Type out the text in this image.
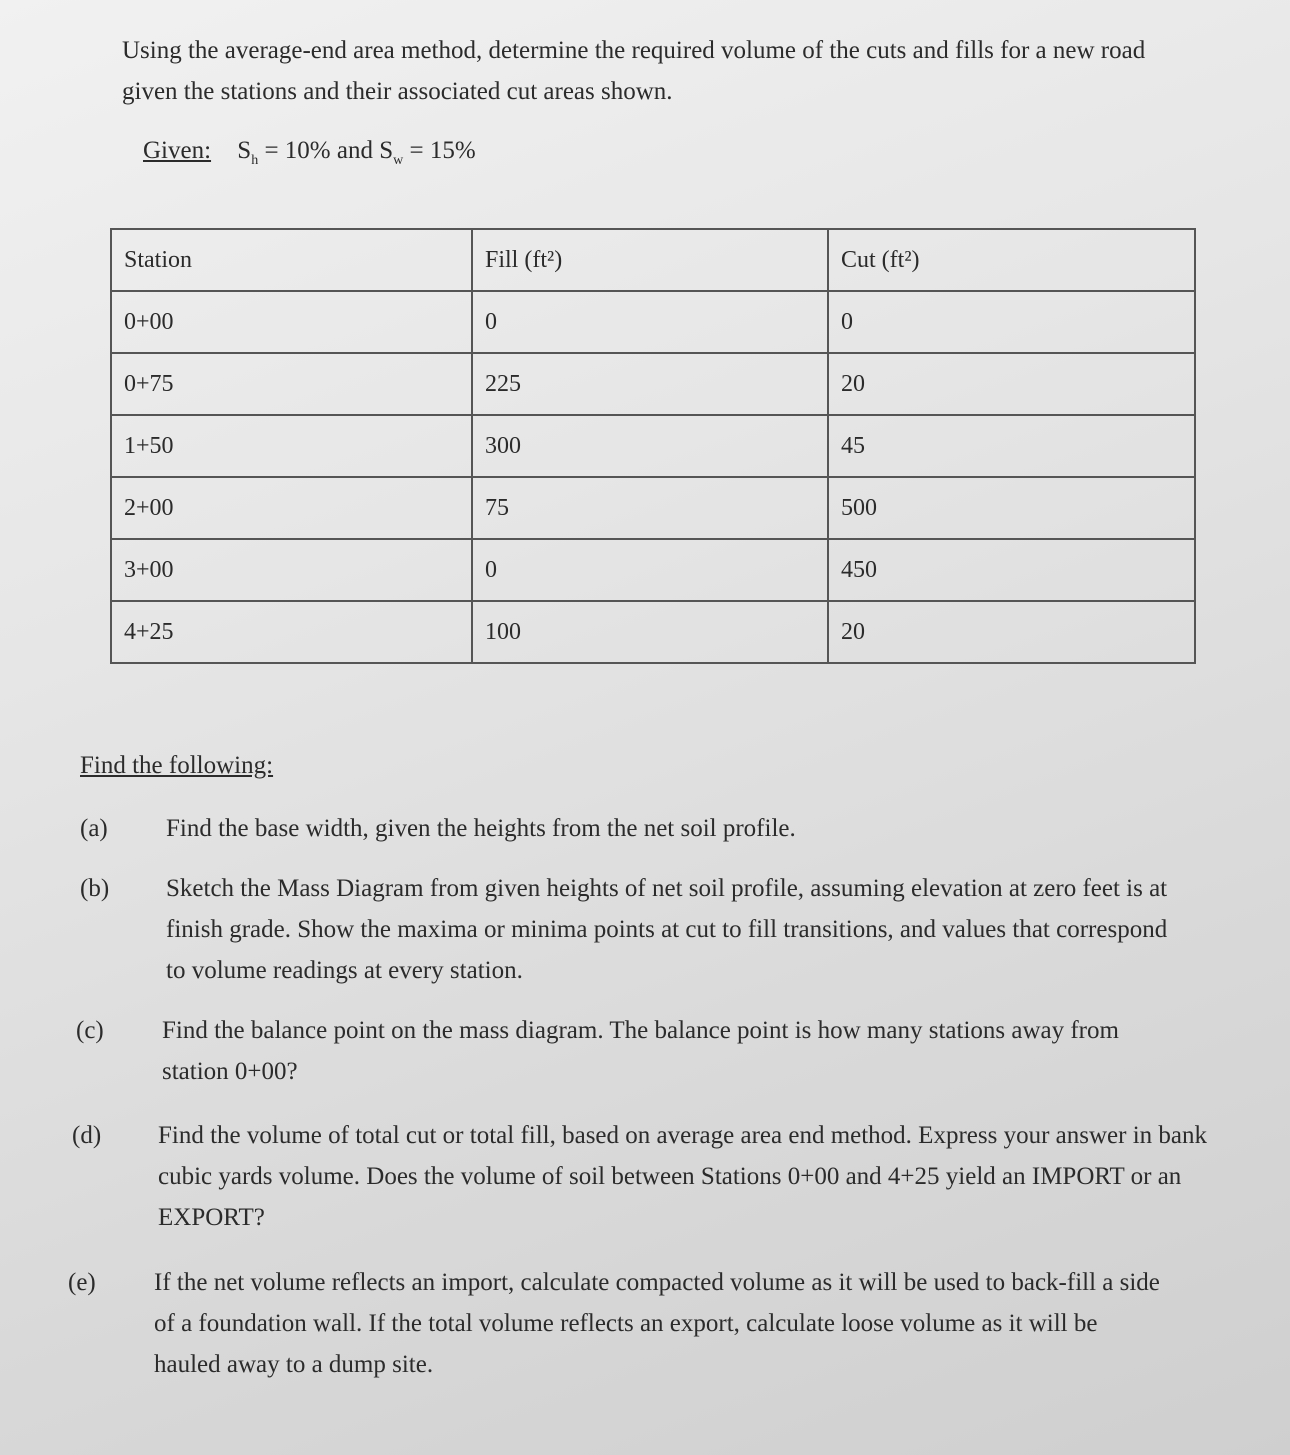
Using the average-end area method, determine the required volume of the cuts and fills for a new road given the stations and their associated cut areas shown.
Given: $S_h = 10\%$ and $S_w = 15\%$
Station	Fill (ft²)	Cut (ft²)
0+00	0	0
0+75	225	20
1+50	300	45
2+00	75	500
3+00	0	450
4+25	100	20
Find the following:
(a) Find the base width, given the heights from the net soil profile.
(b) Sketch the Mass Diagram from given heights of net soil profile, assuming elevation at zero feet is at finish grade. Show the maxima or minima points at cut to fill transitions, and values that correspond to volume readings at every station.
(c) Find the balance point on the mass diagram. The balance point is how many stations away from station 0+00?
(d) Find the volume of total cut or total fill, based on average area end method. Express your answer in bank cubic yards volume. Does the volume of soil between Stations 0+00 and 4+25 yield an IMPORT or an EXPORT?
(e) If the net volume reflects an import, calculate compacted volume as it will be used to back-fill a side of a foundation wall. If the total volume reflects an export, calculate loose volume as it will be hauled away to a dump site.
